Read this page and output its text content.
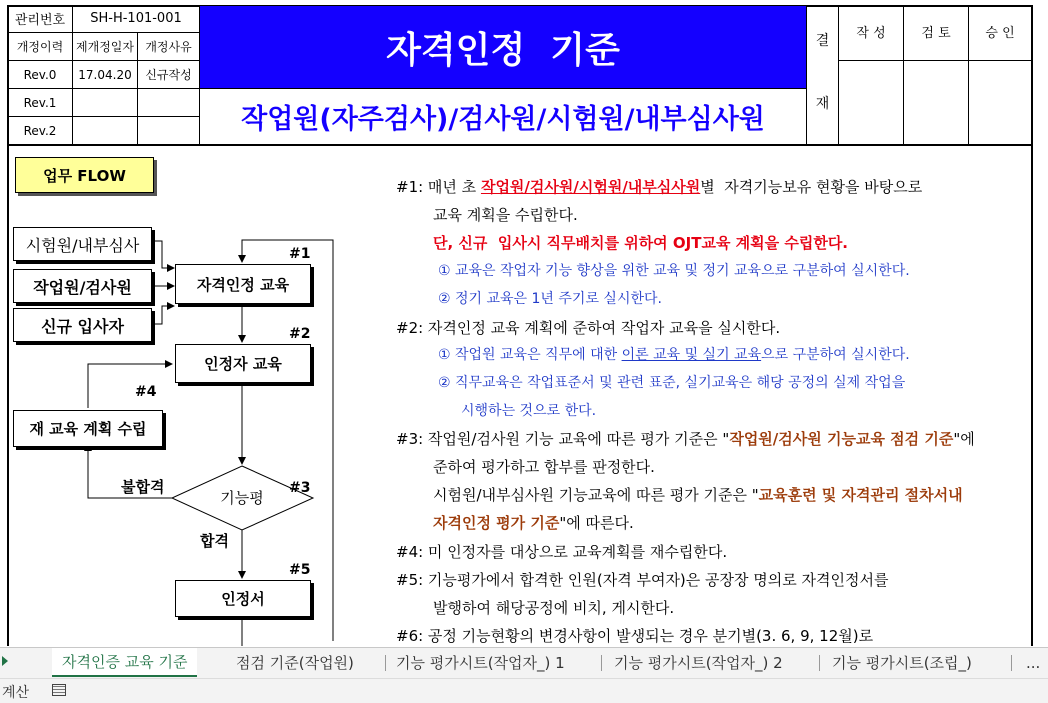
관리번호	SH-H-101-001
개정이력	제개정일자 개정사유
Rev.0	17.04.20	신규작성
Rev.1
Rev.2
자격인정  기준
작업원(자주검사)/검사원/시험원/내부심사원
결
재
작 성	검 토	승 인
업무 FLOW
시험원/내부심사
작업원/검사원
신규 입사자
자격인정 교육
인정자 교육
재 교육 계획 수립
기능평
인정서
불합격
합격
#1
#2
#3
#4
#5
#1: 매년 초 작업원/검사원/시험원/내부심사원별  자격기능보유 현황을 바탕으로
교육 계획을 수립한다.
단, 신규  입사시 직무배치를 위하여 OJT교육 계획을 수립한다.
① 교육은 작업자 기능 향상을 위한 교육 및 정기 교육으로 구분하여 실시한다.
② 정기 교육은 1년 주기로 실시한다.
#2: 자격인정 교육 계획에 준하여 작업자 교육을 실시한다.
① 작업원 교육은 직무에 대한 이론 교육 및 실기 교육으로 구분하여 실시한다.
② 직무교육은 작업표준서 및 관련 표준, 실기교육은 해당 공정의 실제 작업을
시행하는 것으로 한다.
#3: 작업원/검사원 기능 교육에 따른 평가 기준은 "작업원/검사원 기능교육 점검 기준"에
준하여 평가하고 합부를 판정한다.
시험원/내부심사원 기능교육에 따른 평가 기준은 "교육훈련 및 자격관리 절차서내
자격인정 평가 기준"에 따른다.
#4: 미 인정자를 대상으로 교육계획를 재수립한다.
#5: 기능평가에서 합격한 인원(자격 부여자)은 공장장 명의로 자격인정서를
발행하여 해당공정에 비치, 게시한다.
#6: 공정 기능현황의 변경사항이 발생되는 경우 분기별(3. 6, 9, 12월)로
자격인증 교육 기준	점검 기준(작업원)	기능 평가시트(작업자_) 1	기능 평가시트(작업자_) 2	기능 평가시트(조립_)	...
계산
